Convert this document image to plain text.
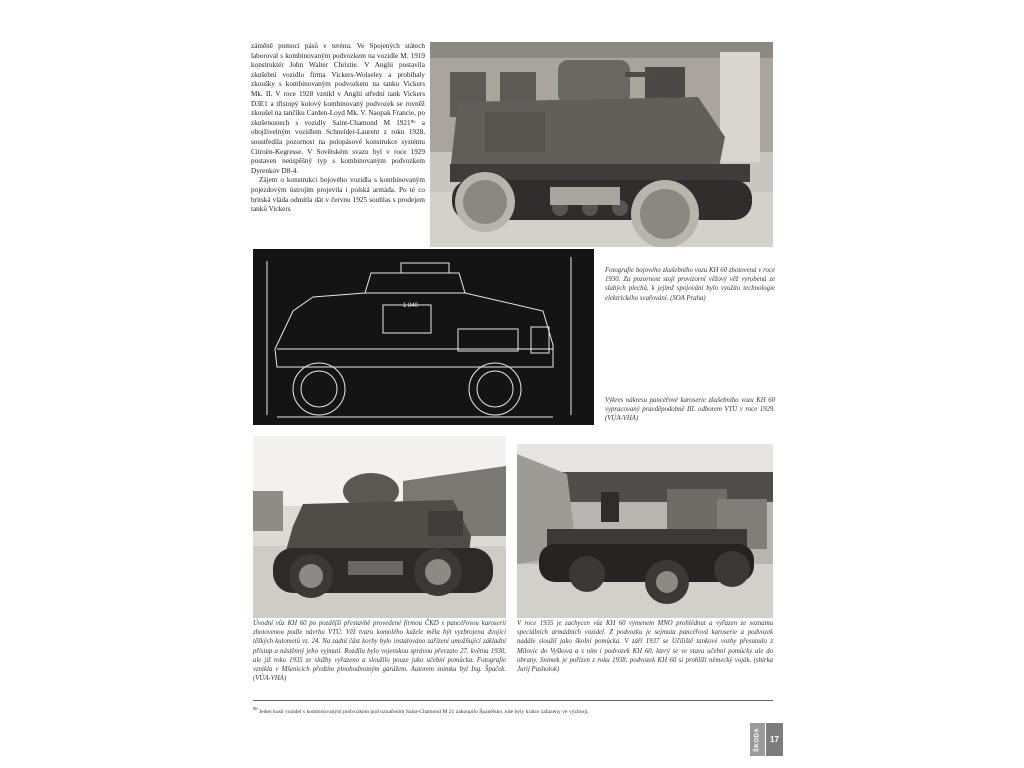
záměně pomocí pásů v terénu. Ve Spojených státech laboroval s kombinovaným podvozkem na vozidle M. 1919 konstruktér John Walter Christie. V Anglii postavila zkušební vozidlo firma Vickers-Wolseley a probíhaly zkoušky s kombinovaným podvozkem na tanku Vickers Mk. II. V roce 1928 vznikl v Anglii střední tank Vickers D3E1 a třístopý kolový kombinovaný podvozek se rovněž zkoušel na tančíku Carden-Loyd Mk. V. Naopak Francie, po zkušenostech s vozidly Saint-Chamond M 1921⁸⁶ a obojživelným vozidlem Schneider-Laurent z roku 1928, soustředila pozornost na polopásové konstrukce systému Citroën-Kegresse. V Sovětském svazu byl v roce 1929 postaven neúspěšný typ s kombinovaným podvozkem Dyrenkov D8-4.

Zájem o konstrukci bojového vozidla s kombinovaným pojezdovým ústrojím projevila i polská armáda. Po té co britská vláda odmítla dát v červnu 1925 souhlas s prodejem tanků Vickers

1 840
Fotografie bojového zkušebního vozu KH 60 zhotovená v roce 1930. Za pozornost stojí provizorní věžový věž vyrobená ze slabých plechů, k jejímž spojování bylo využito technologie elektrického svařování. (SOA Praha)
Výkres nákresu pancéřové karoserie zkušebního vozu KH 60 vypracovaný pravděpodobně III. odborem VTÚ v roce 1929. (VÚA-VHA)
Úvodní vůz KH 60 po pozdější přestavbě provedené firmou ČKD s pancéřovou karoserií zhotovenou podle návrhu VTÚ. Věž tvaru komolého kužele měla být vyzbrojena dvojicí těžkých kulometů vz. 24. Na zadní část korby bylo instalováno zařízení umožňující základní přístup a nástěnný jeho vyjmutí. Rozdílu bylo vojenskou správou převzato 27. května 1930, ale již roku 1935 ze služby vyřazeno a sloužilo pouze jako učební pomůcka. Fotografie vznikla v Mšenicích předtím plnohodnotným garážem. Autorem snímku byl Ing. Špaček. (VÚA-VHA)
V roce 1935 je zachycen vůz KH 60 výmenem MNO prohlédnut a vyřazen ze seznamu speciálních armádních vozidel. Z podvozku je sejmuta pancéřová karoserie a podvozek nadále sloužil jako školní pomůcka. V září 1937 se Učiliště tankové vozby přesunulo z Milovic do Vyškova a s ním i podvozek KH 60, který se ve stavu učební pomůcky ale do obrany. Snímek je pořízen z roku 1938, podvozek KH 60 si prohlíží německý voják. (sbírka Jurij Pasholok)
$^{86}$ Jeden kusů vozidel s kombinovaným podvozkem pod označením Saint-Chamond M 21 zakoupilo Španělsko, kde byly krátce zařazeny ve výzbroji.
ŠKODA	17
